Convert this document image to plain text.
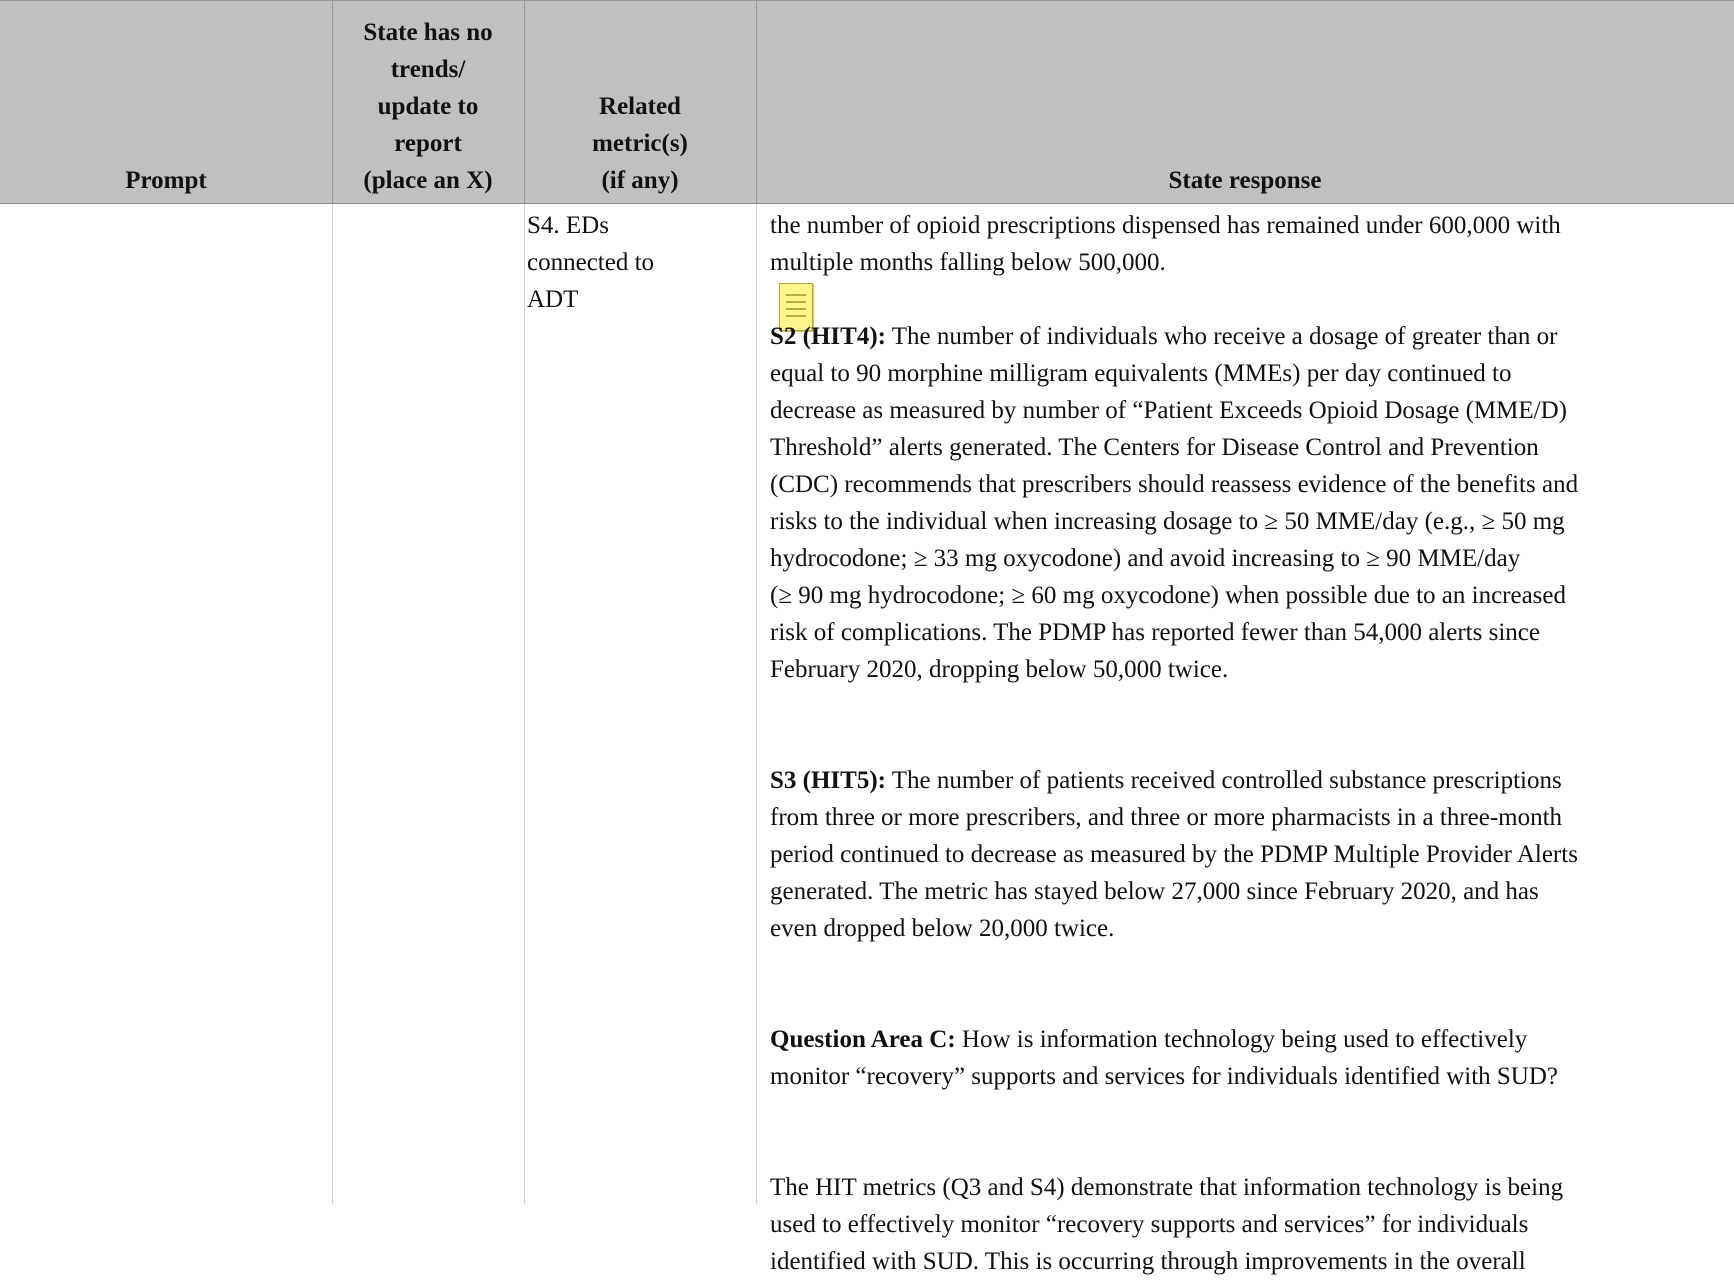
Prompt
State has no
trends/
update to
report
(place an X)
Related
metric(s)
(if any)	State response
S4. EDs
connected to
ADT
the number of opioid prescriptions dispensed has remained under 600,000 with
multiple months falling below 500,000.
S2 (HIT4): The number of individuals who receive a dosage of greater than or
equal to 90 morphine milligram equivalents (MMEs) per day continued to
decrease as measured by number of “Patient Exceeds Opioid Dosage (MME/D)
Threshold” alerts generated. The Centers for Disease Control and Prevention
(CDC) recommends that prescribers should reassess evidence of the benefits and
risks to the individual when increasing dosage to ≥ 50 MME/day (e.g., ≥ 50 mg
hydrocodone; ≥ 33 mg oxycodone) and avoid increasing to ≥ 90 MME/day
(≥ 90 mg hydrocodone; ≥ 60 mg oxycodone) when possible due to an increased
risk of complications. The PDMP has reported fewer than 54,000 alerts since
February 2020, dropping below 50,000 twice.
S3 (HIT5): The number of patients received controlled substance prescriptions
from three or more prescribers, and three or more pharmacists in a three-month
period continued to decrease as measured by the PDMP Multiple Provider Alerts
generated. The metric has stayed below 27,000 since February 2020, and has
even dropped below 20,000 twice.
Question Area C: How is information technology being used to effectively
monitor “recovery” supports and services for individuals identified with SUD?
The HIT metrics (Q3 and S4) demonstrate that information technology is being
used to effectively monitor “recovery supports and services” for individuals
identified with SUD. This is occurring through improvements in the overall
